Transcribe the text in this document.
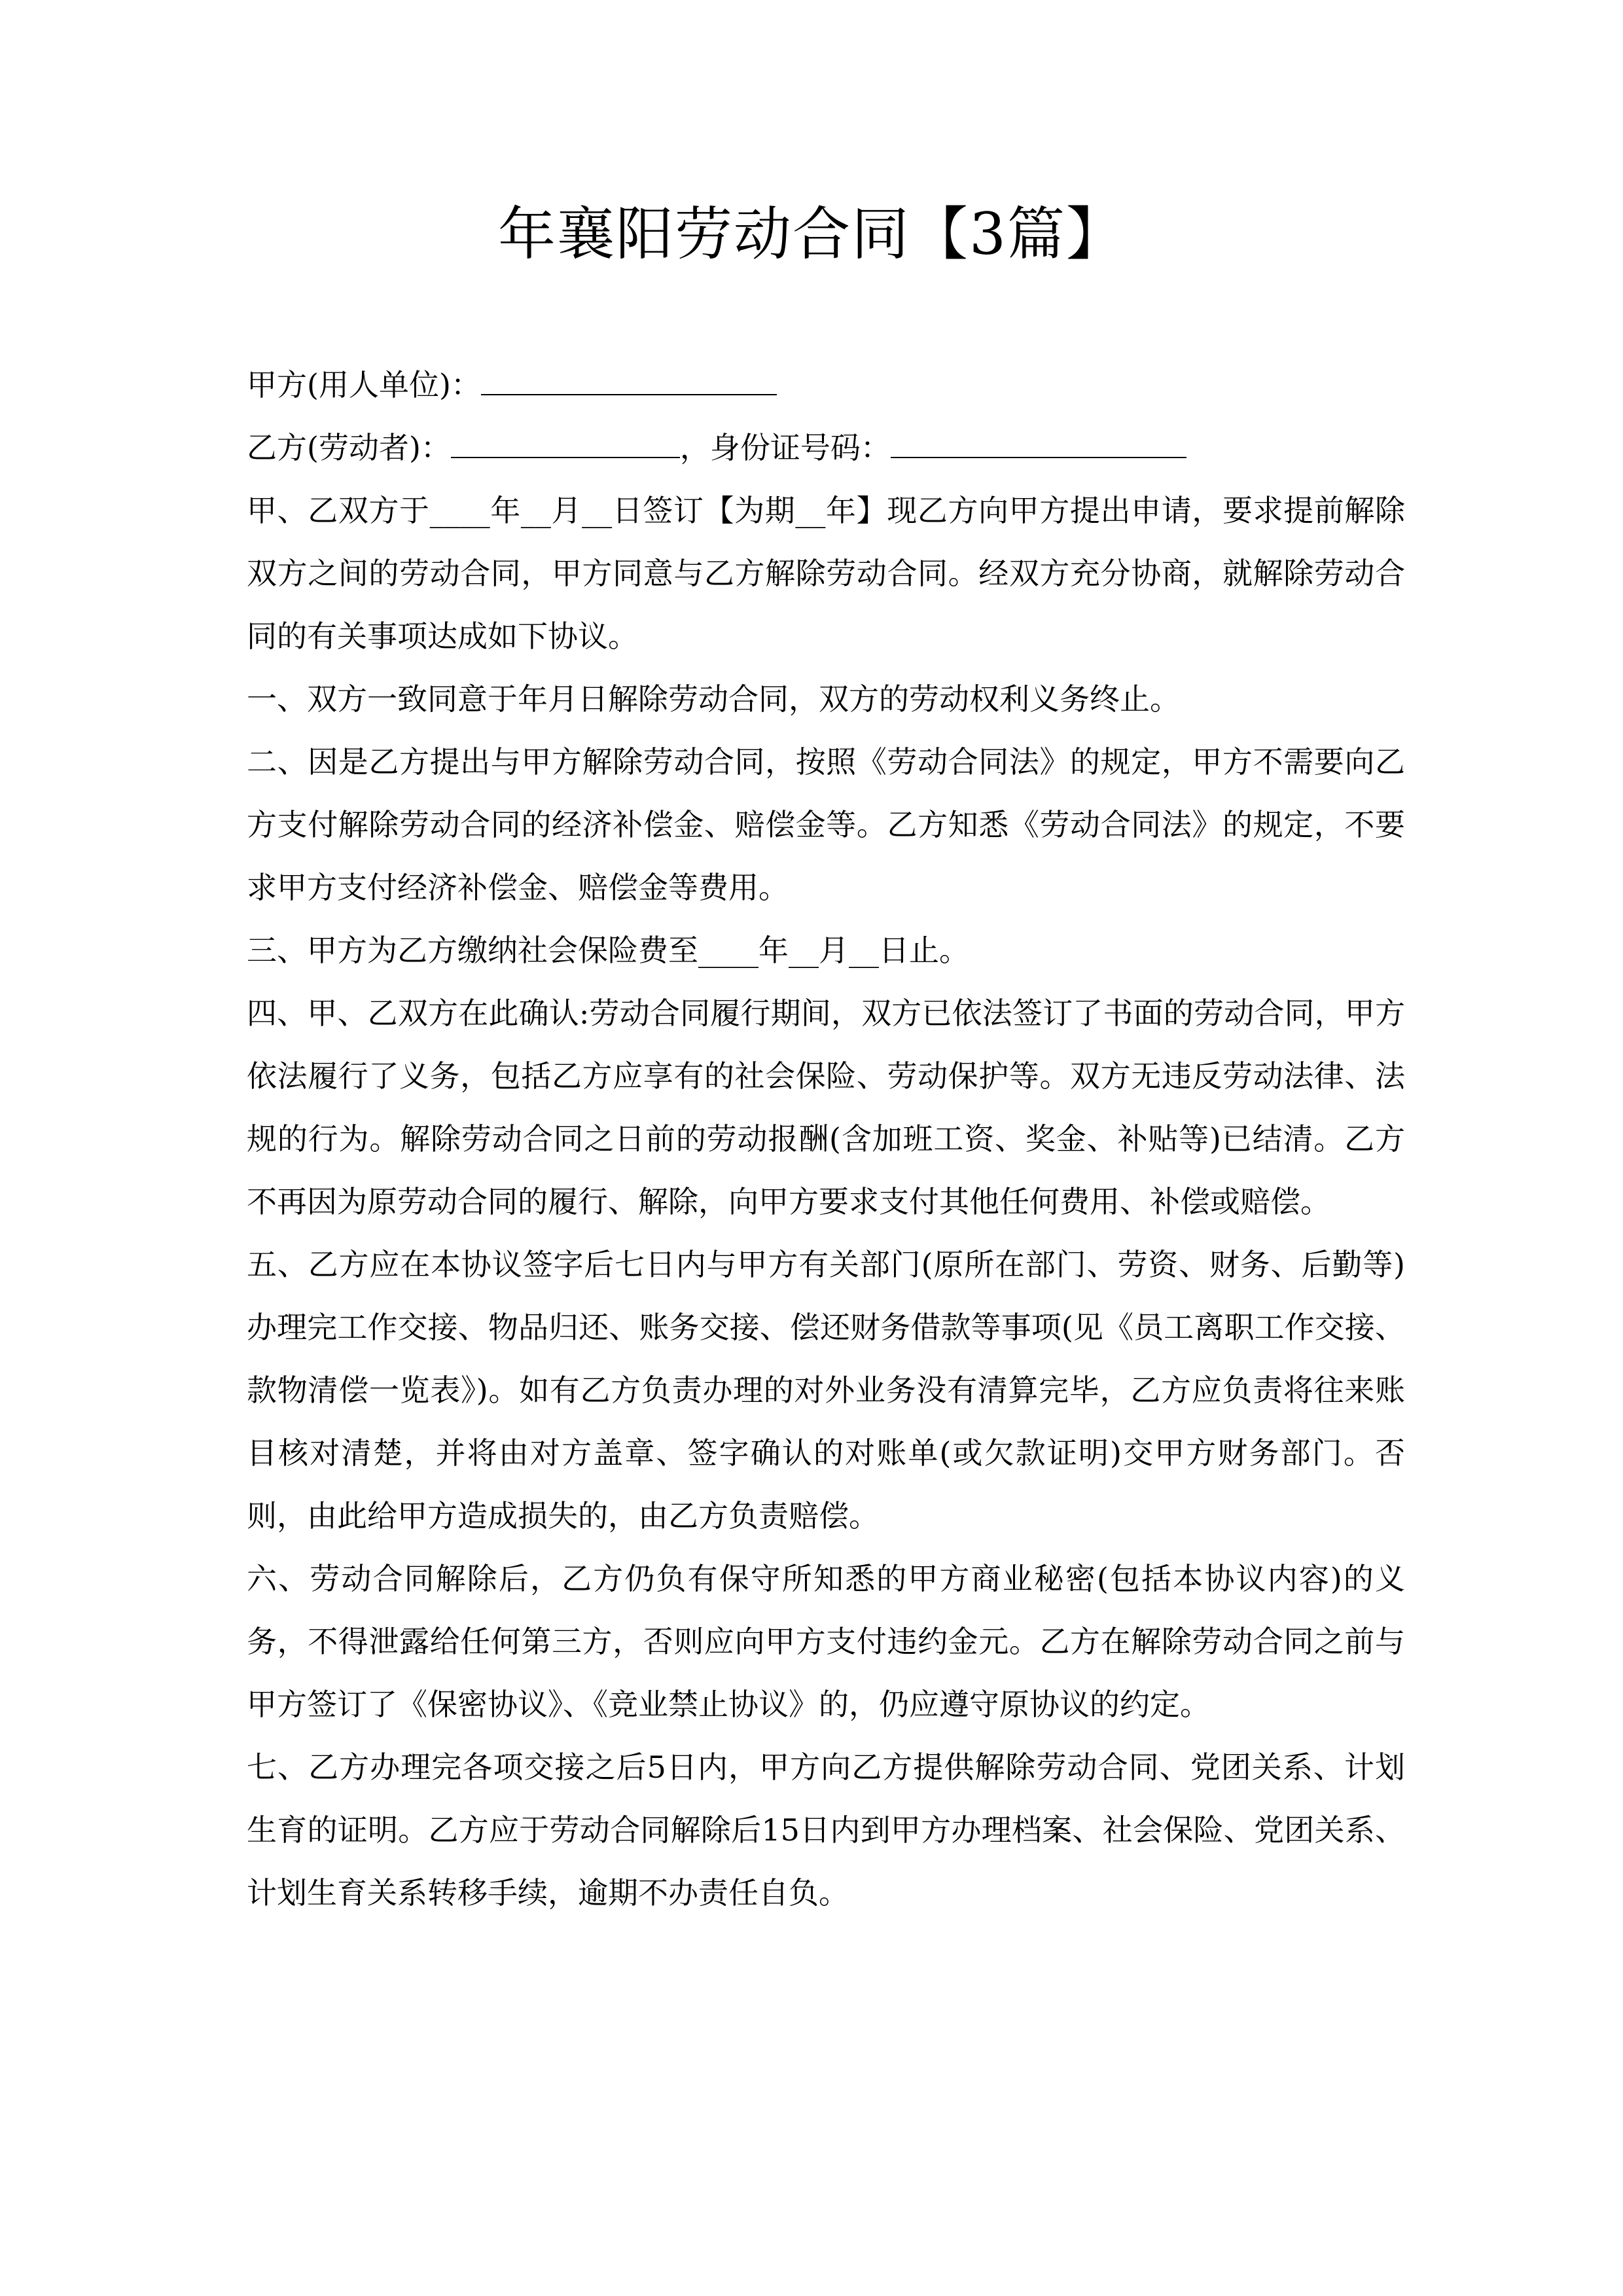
年襄阳劳动合同【3篇】

甲方(用人单位)：

乙方(劳动者)：	，身份证号码：

甲、乙双方于____年__月__日签订【为期__年】现乙方向甲方提出申请，要求提前解除双方之间的劳动合同，甲方同意与乙方解除劳动合同。经双方充分协商，就解除劳动合同的有关事项达成如下协议。

一、双方一致同意于年月日解除劳动合同，双方的劳动权利义务终止。

二、因是乙方提出与甲方解除劳动合同，按照《劳动合同法》的规定，甲方不需要向乙方支付解除劳动合同的经济补偿金、赔偿金等。乙方知悉《劳动合同法》的规定，不要求甲方支付经济补偿金、赔偿金等费用。

三、甲方为乙方缴纳社会保险费至____年__月__日止。

四、甲、乙双方在此确认:劳动合同履行期间，双方已依法签订了书面的劳动合同，甲方依法履行了义务，包括乙方应享有的社会保险、劳动保护等。双方无违反劳动法律、法规的行为。解除劳动合同之日前的劳动报酬(含加班工资、奖金、补贴等)已结清。乙方不再因为原劳动合同的履行、解除，向甲方要求支付其他任何费用、补偿或赔偿。

五、乙方应在本协议签字后七日内与甲方有关部门(原所在部门、劳资、财务、后勤等)办理完工作交接、物品归还、账务交接、偿还财务借款等事项(见《员工离职工作交接、款物清偿一览表》)。如有乙方负责办理的对外业务没有清算完毕，乙方应负责将往来账目核对清楚，并将由对方盖章、签字确认的对账单(或欠款证明)交甲方财务部门。否则，由此给甲方造成损失的，由乙方负责赔偿。

六、劳动合同解除后，乙方仍负有保守所知悉的甲方商业秘密(包括本协议内容)的义务，不得泄露给任何第三方，否则应向甲方支付违约金元。乙方在解除劳动合同之前与甲方签订了《保密协议》、《竞业禁止协议》的，仍应遵守原协议的约定。

七、乙方办理完各项交接之后5日内，甲方向乙方提供解除劳动合同、党团关系、计划生育的证明。乙方应于劳动合同解除后15日内到甲方办理档案、社会保险、党团关系、计划生育关系转移手续，逾期不办责任自负。
